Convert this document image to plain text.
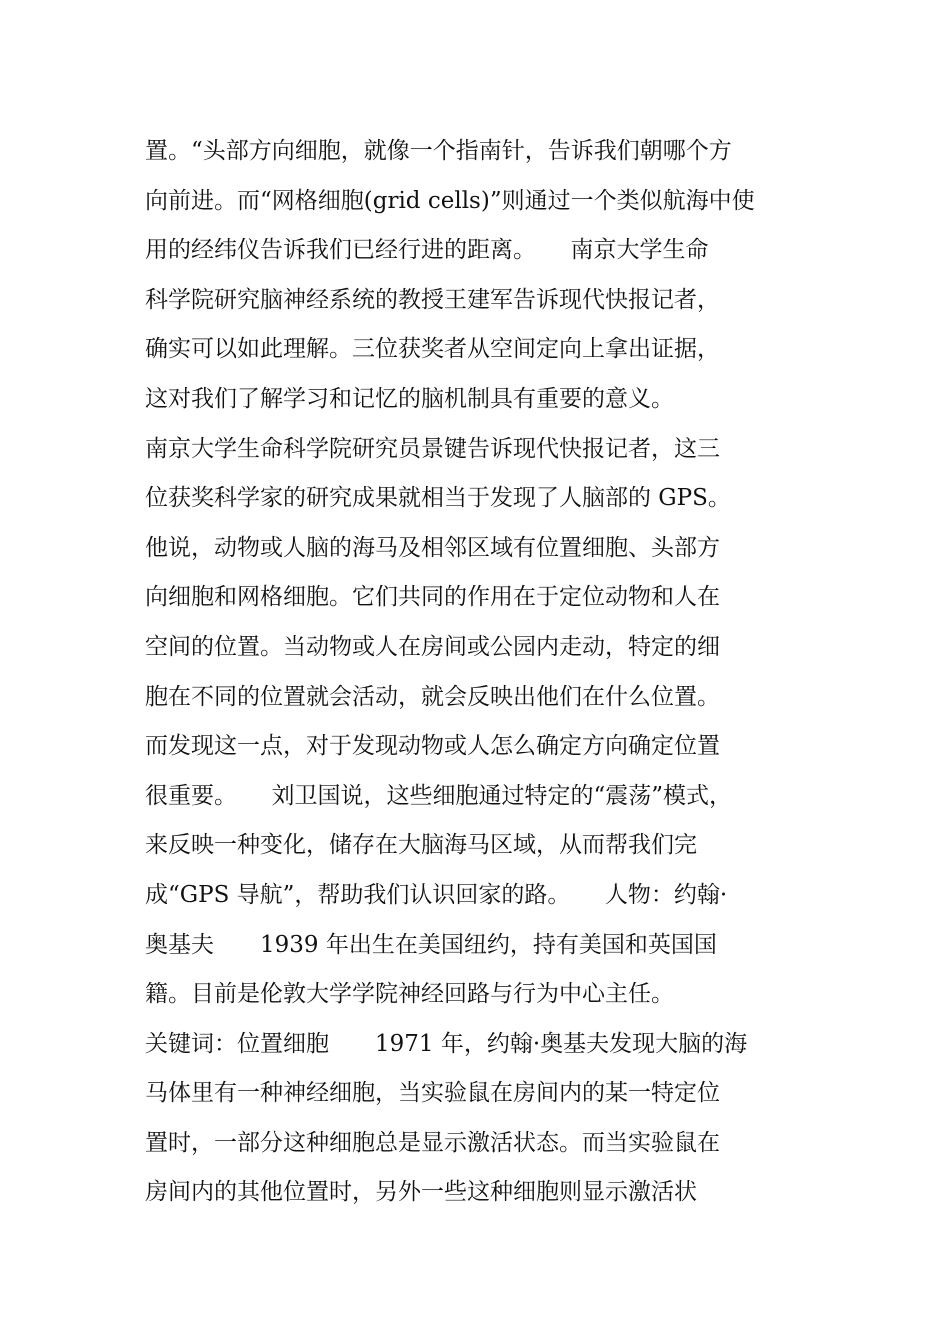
置。“头部方向细胞，就像一个指南针，告诉我们朝哪个方
向前进。而“网格细胞(grid cells)”则通过一个类似航海中使
用的经纬仪告诉我们已经行进的距离。　　南京大学生命
科学院研究脑神经系统的教授王建军告诉现代快报记者，
确实可以如此理解。三位获奖者从空间定向上拿出证据，
这对我们了解学习和记忆的脑机制具有重要的意义。
南京大学生命科学院研究员景键告诉现代快报记者，这三
位获奖科学家的研究成果就相当于发现了人脑部的 GPS。
他说，动物或人脑的海马及相邻区域有位置细胞、头部方
向细胞和网格细胞。它们共同的作用在于定位动物和人在
空间的位置。当动物或人在房间或公园内走动，特定的细
胞在不同的位置就会活动，就会反映出他们在什么位置。
而发现这一点，对于发现动物或人怎么确定方向确定位置
很重要。　　刘卫国说，这些细胞通过特定的“震荡”模式，
来反映一种变化，储存在大脑海马区域，从而帮我们完
成“GPS 导航”，帮助我们认识回家的路。　　人物：约翰·
奥基夫　　1939 年出生在美国纽约，持有美国和英国国
籍。目前是伦敦大学学院神经回路与行为中心主任。
关键词：位置细胞　　1971 年，约翰·奥基夫发现大脑的海
马体里有一种神经细胞，当实验鼠在房间内的某一特定位
置时，一部分这种细胞总是显示激活状态。而当实验鼠在
房间内的其他位置时，另外一些这种细胞则显示激活状
